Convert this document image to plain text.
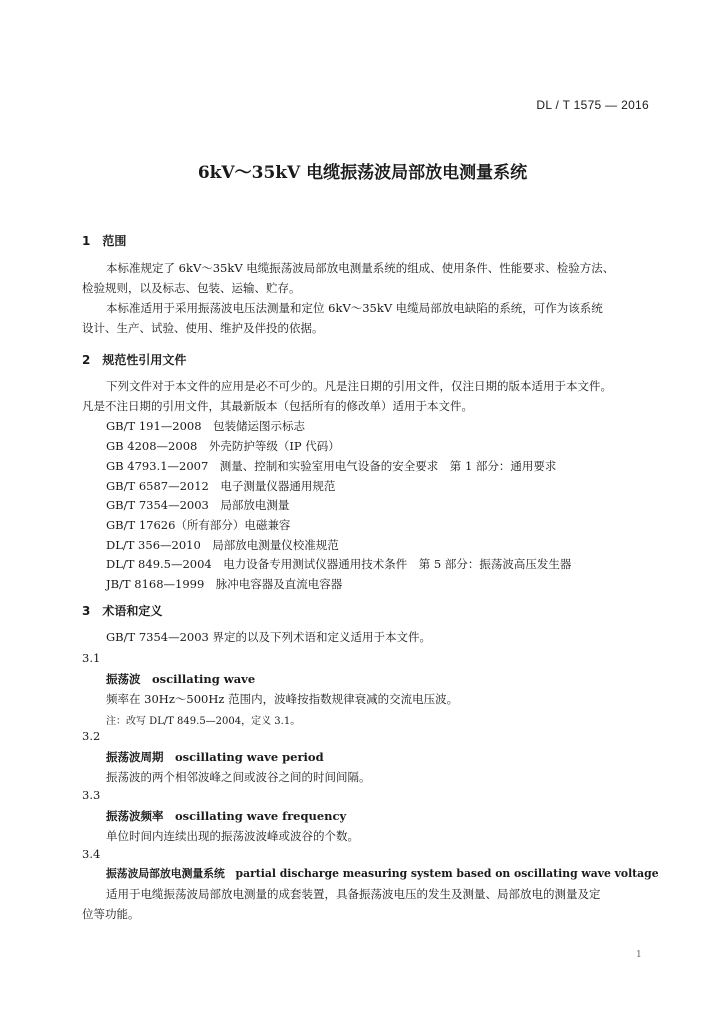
DL / T 1575 — 2016
6kV～35kV 电缆振荡波局部放电测量系统
1　范围
本标准规定了 6kV～35kV 电缆振荡波局部放电测量系统的组成、使用条件、性能要求、检验方法、
检验规则，以及标志、包装、运输、贮存。
本标准适用于采用振荡波电压法测量和定位 6kV～35kV 电缆局部放电缺陷的系统，可作为该系统
设计、生产、试验、使用、维护及伴投的依据。
2　规范性引用文件
下列文件对于本文件的应用是必不可少的。凡是注日期的引用文件，仅注日期的版本适用于本文件。
凡是不注日期的引用文件，其最新版本（包括所有的修改单）适用于本文件。
GB/T 191—2008　包装储运图示标志
GB 4208—2008　外壳防护等级（IP 代码）
GB 4793.1—2007　测量、控制和实验室用电气设备的安全要求　第 1 部分：通用要求
GB/T 6587—2012　电子测量仪器通用规范
GB/T 7354—2003　局部放电测量
GB/T 17626（所有部分）电磁兼容
DL/T 356—2010　局部放电测量仪校准规范
DL/T 849.5—2004　电力设备专用测试仪器通用技术条件　第 5 部分：振荡波高压发生器
JB/T 8168—1999　脉冲电容器及直流电容器
3　术语和定义
GB/T 7354—2003 界定的以及下列术语和定义适用于本文件。
3.1
振荡波　oscillating wave
频率在 30Hz～500Hz 范围内，波峰按指数规律衰减的交流电压波。
注：改写 DL/T 849.5—2004，定义 3.1。
3.2
振荡波周期　oscillating wave period
振荡波的两个相邻波峰之间或波谷之间的时间间隔。
3.3
振荡波频率　oscillating wave frequency
单位时间内连续出现的振荡波波峰或波谷的个数。
3.4
振荡波局部放电测量系统　partial discharge measuring system based on oscillating wave voltage
适用于电缆振荡波局部放电测量的成套装置，具备振荡波电压的发生及测量、局部放电的测量及定
位等功能。
1
